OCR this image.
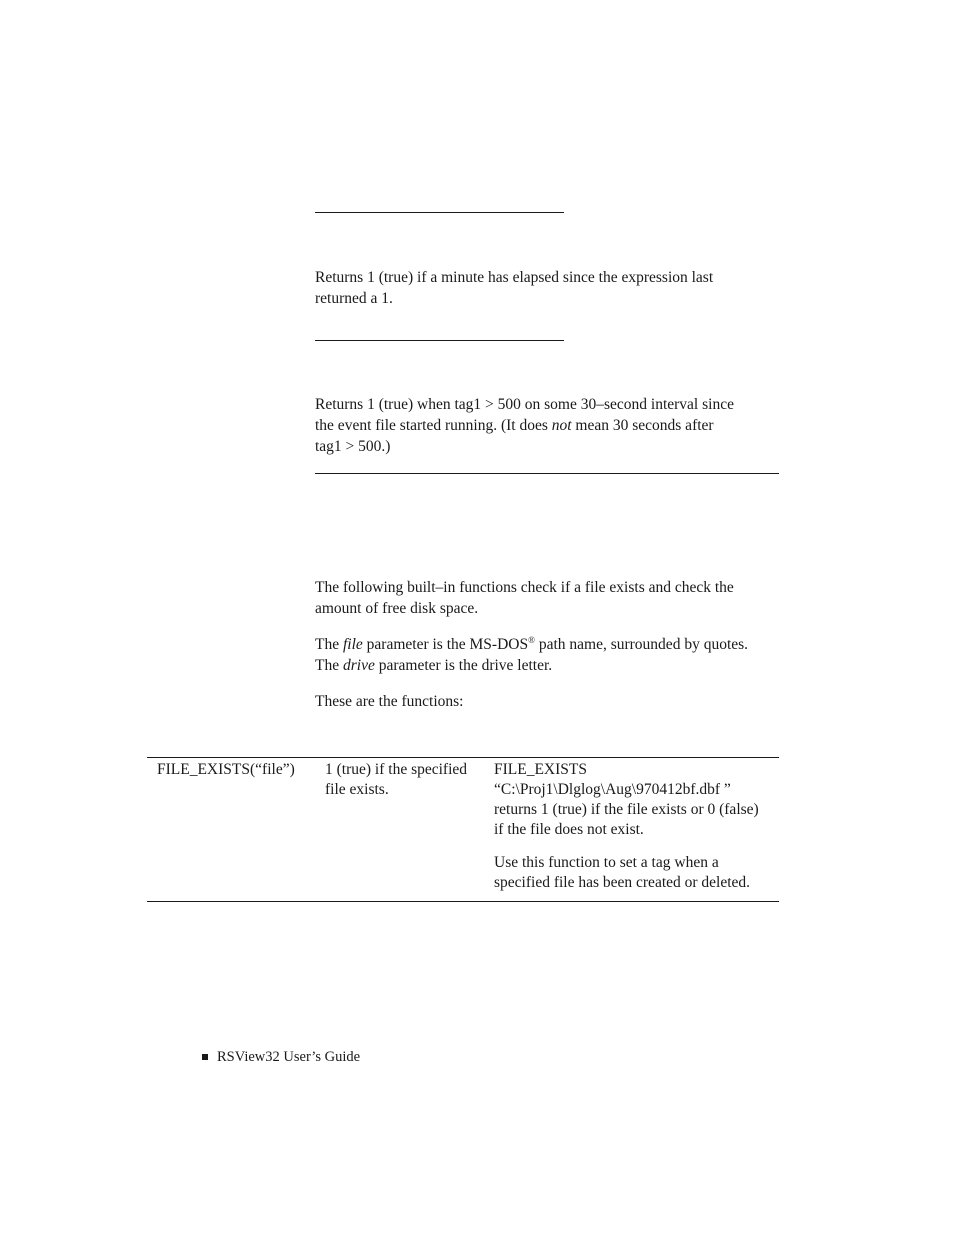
Returns 1 (true) if a minute has elapsed since the expression last

returned a 1.

Returns 1 (true) when tag1 > 500 on some 30–second interval since

the event file started running. (It does not mean 30 seconds after

tag1 > 500.)

The following built–in functions check if a file exists and check the

amount of free disk space.

The file parameter is the MS-DOS® path name, surrounded by quotes.

The drive parameter is the drive letter.

These are the functions:

FILE_EXISTS(“file”)	1 (true) if the specified

file exists.

FILE_EXISTS

“C:\Proj1\Dlglog\Aug\970412bf.dbf ”

returns 1 (true) if the file exists or 0 (false)

if the file does not exist.

Use this function to set a tag when a

specified file has been created or deleted.

RSView32 User’s Guide
